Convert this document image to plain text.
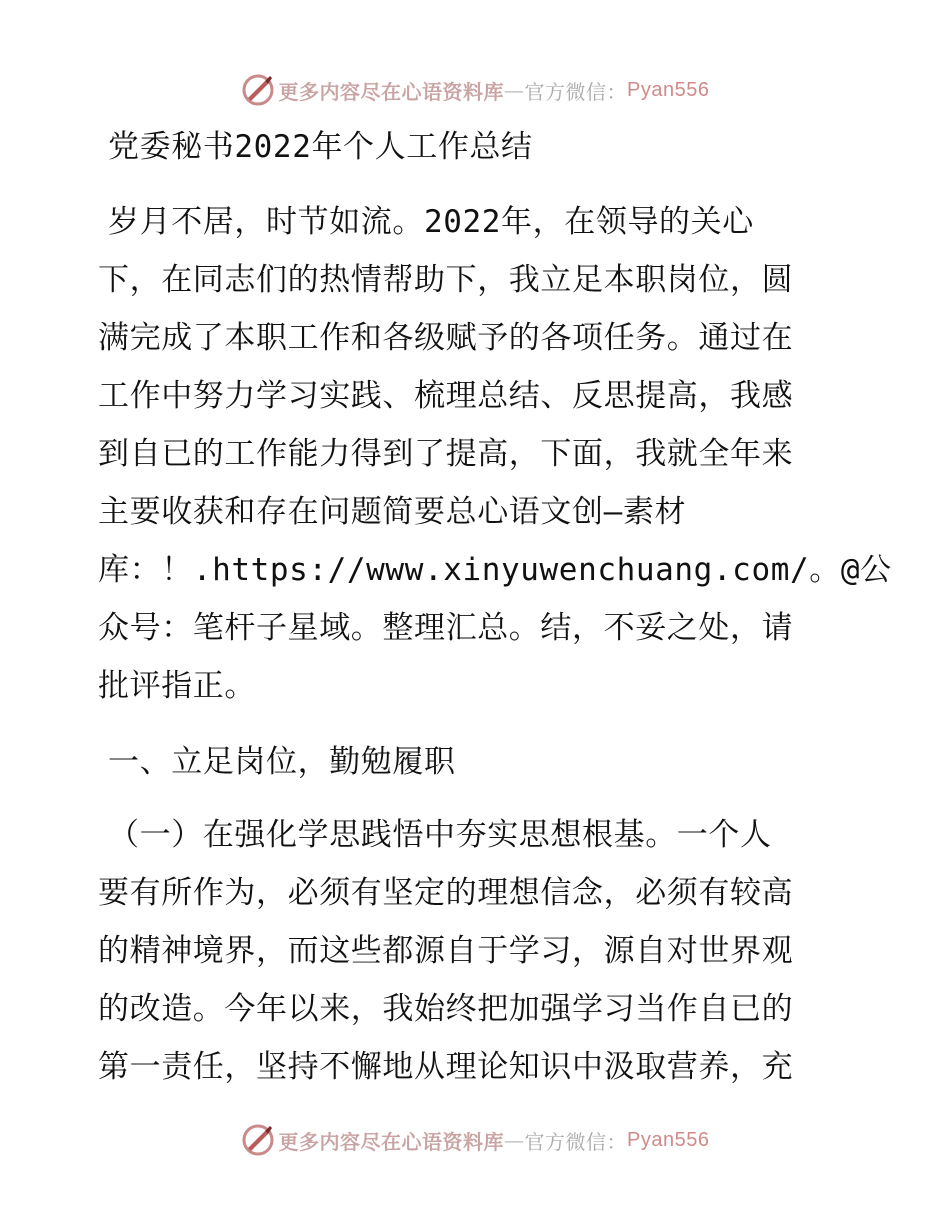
更多内容尽在心语资料库 — 官方微信： Pyan556
党委秘书2022年个人工作总结
岁月不居，时节如流。2022年，在领导的关心
下，在同志们的热情帮助下，我立足本职岗位，圆
满完成了本职工作和各级赋予的各项任务。通过在
工作中努力学习实践、梳理总结、反思提高，我感
到自已的工作能力得到了提高，下面，我就全年来
主要收获和存在问题简要总心语文创—素材
库：！.https://www.xinyuwenchuang.com/。@公
众号：笔杆子星域。整理汇总。结，不妥之处，请
批评指正。
一、立足岗位，勤勉履职
（一）在强化学思践悟中夯实思想根基。一个人
要有所作为，必须有坚定的理想信念，必须有较高
的精神境界，而这些都源自于学习，源自对世界观
的改造。今年以来，我始终把加强学习当作自已的
第一责任，坚持不懈地从理论知识中汲取营养，充
更多内容尽在心语资料库 — 官方微信： Pyan556
